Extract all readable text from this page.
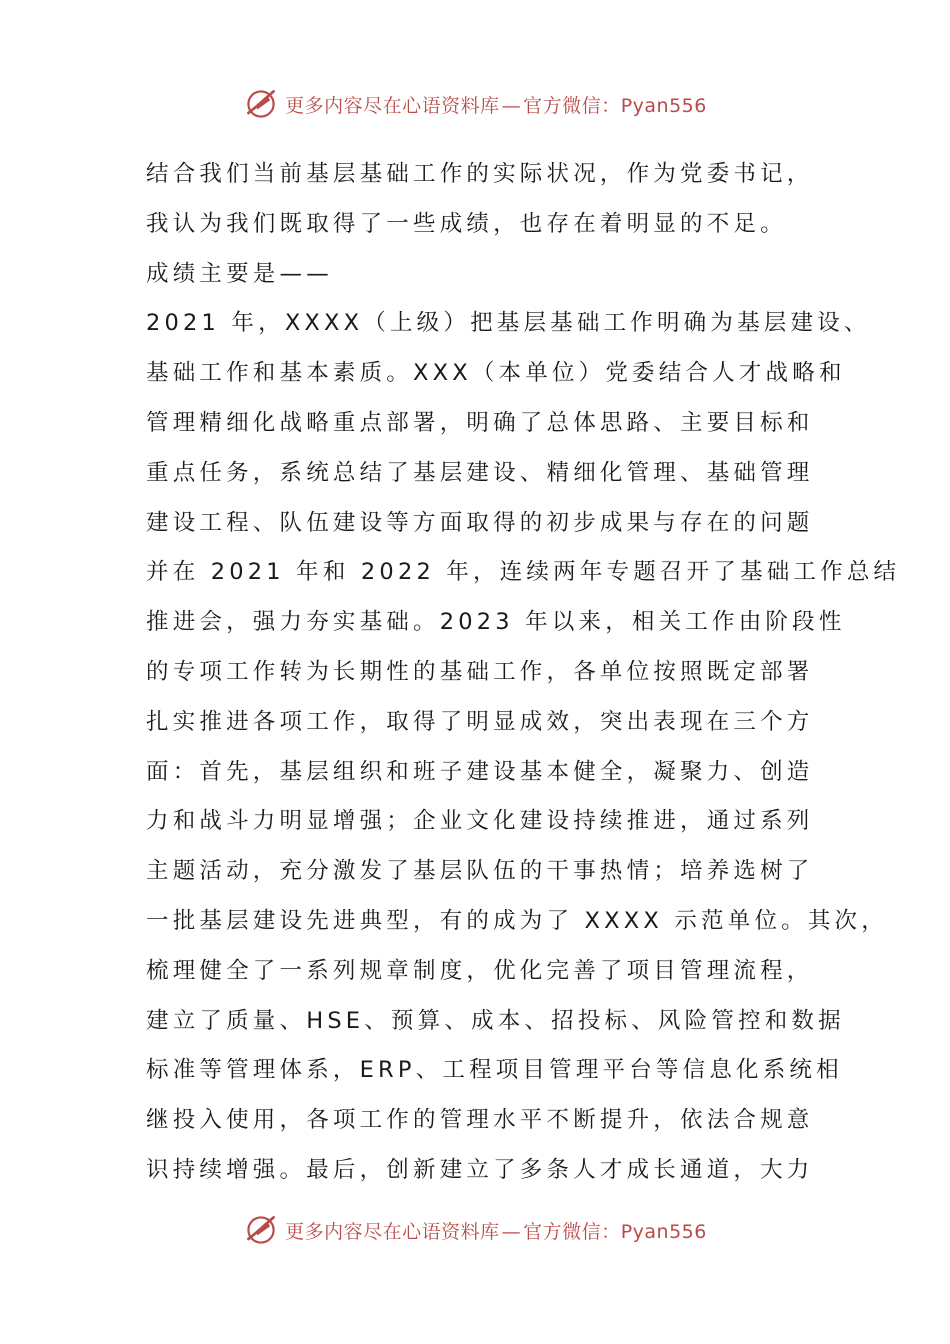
更多内容尽在心语资料库 — 官方微信：Pyan556
结合我们当前基层基础工作的实际状况，作为党委书记，
我认为我们既取得了一些成绩，也存在着明显的不足。
成绩主要是——
2021 年，XXXX（上级）把基层基础工作明确为基层建设、
基础工作和基本素质。XXX（本单位）党委结合人才战略和
管理精细化战略重点部署，明确了总体思路、主要目标和
重点任务，系统总结了基层建设、精细化管理、基础管理
建设工程、队伍建设等方面取得的初步成果与存在的问题
并在 2021 年和 2022 年，连续两年专题召开了基础工作总结
推进会，强力夯实基础。2023 年以来，相关工作由阶段性
的专项工作转为长期性的基础工作，各单位按照既定部署
扎实推进各项工作，取得了明显成效，突出表现在三个方
面：首先，基层组织和班子建设基本健全，凝聚力、创造
力和战斗力明显增强；企业文化建设持续推进，通过系列
主题活动，充分激发了基层队伍的干事热情；培养选树了
一批基层建设先进典型，有的成为了 XXXX 示范单位。其次，
梳理健全了一系列规章制度，优化完善了项目管理流程，
建立了质量、HSE、预算、成本、招投标、风险管控和数据
标准等管理体系，ERP、工程项目管理平台等信息化系统相
继投入使用，各项工作的管理水平不断提升，依法合规意
识持续增强。最后，创新建立了多条人才成长通道，大力
更多内容尽在心语资料库 — 官方微信：Pyan556
